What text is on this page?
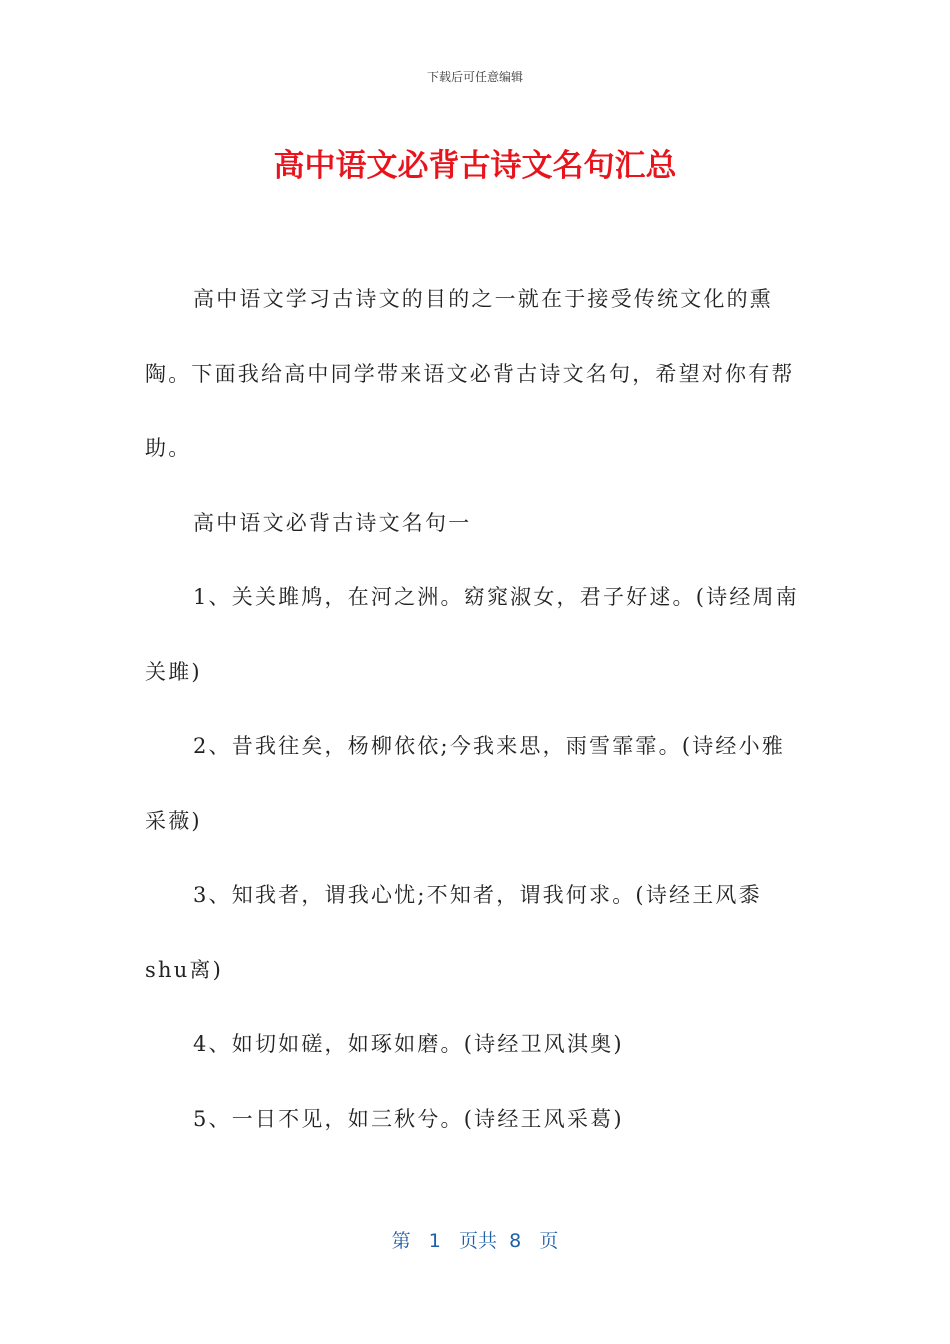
下载后可任意编辑
高中语文必背古诗文名句汇总

高中语文学习古诗文的目的之一就在于接受传统文化的熏陶。下面我给高中同学带来语文必背古诗文名句，希望对你有帮助。

高中语文必背古诗文名句一

1、关关雎鸠，在河之洲。窈窕淑女，君子好逑。(诗经周南关雎)

2、昔我往矣，杨柳依依;今我来思，雨雪霏霏。(诗经小雅采薇)

3、知我者，谓我心忧;不知者，谓我何求。(诗经王风黍shu离)

4、如切如磋，如琢如磨。(诗经卫风淇奥)

5、一日不见，如三秋兮。(诗经王风采葛)

第 1 页共 8 页
